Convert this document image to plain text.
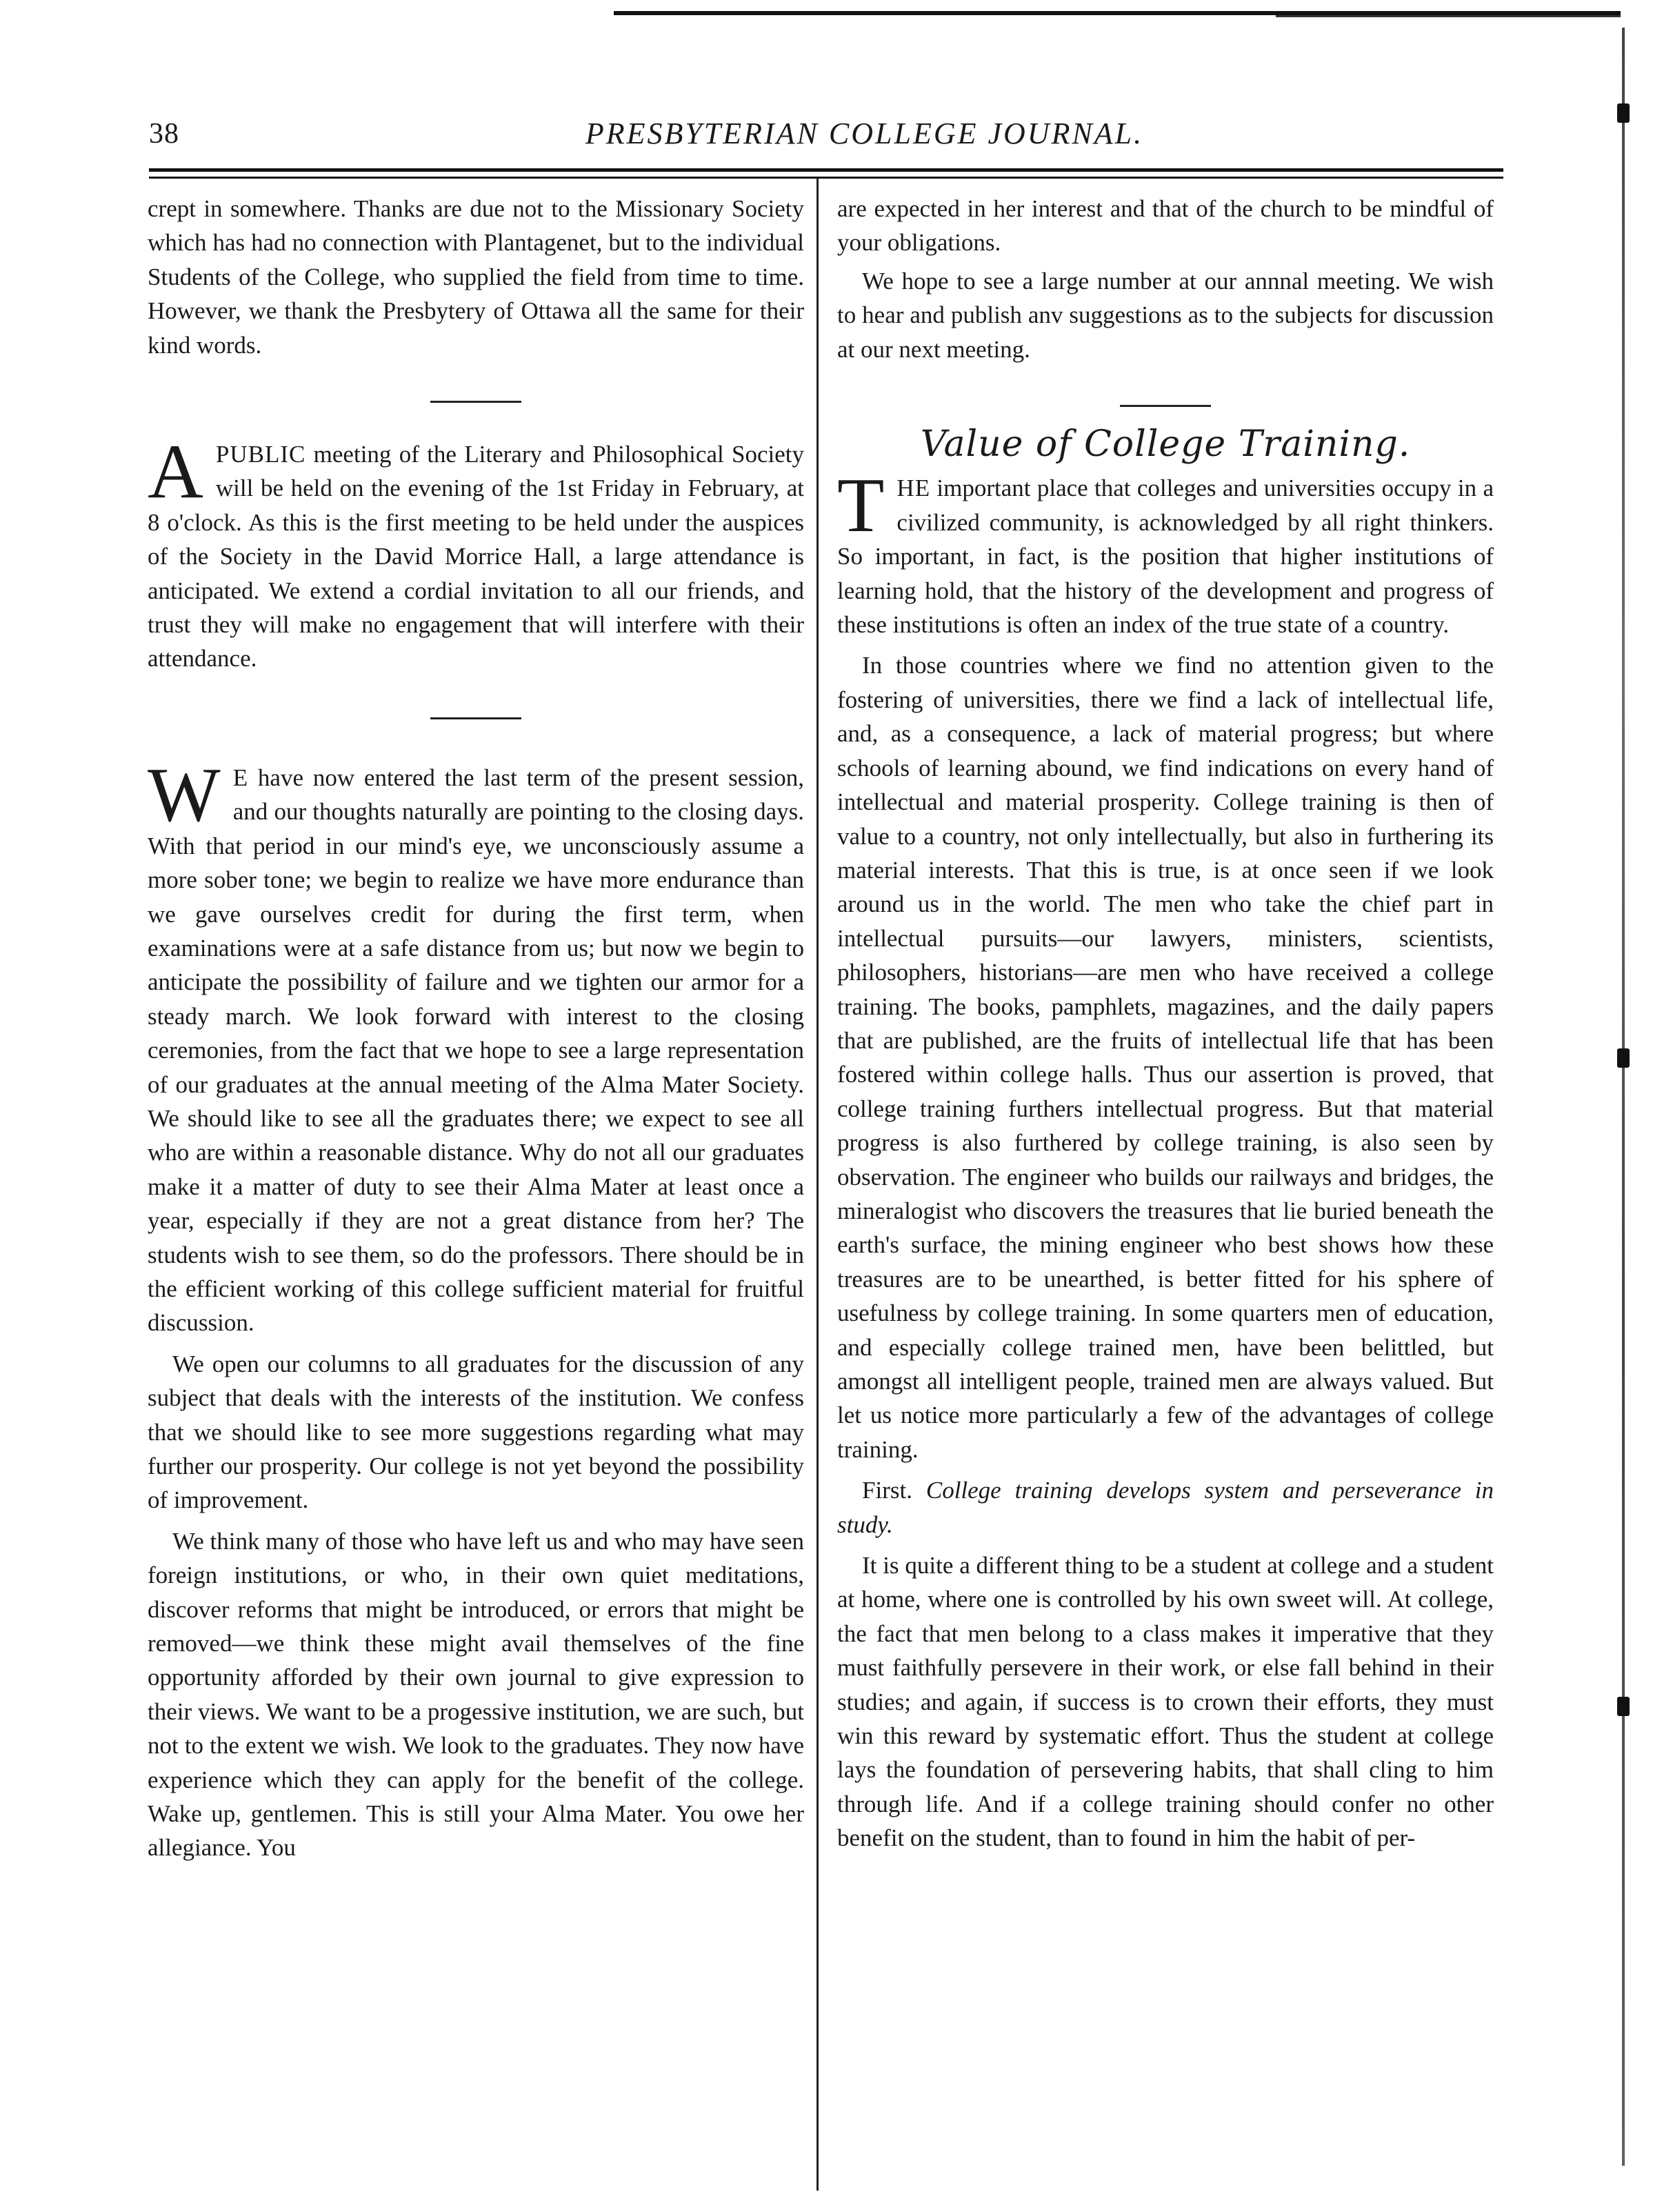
38	PRESBYTERIAN COLLEGE JOURNAL.

crept in somewhere. Thanks are due not to the Missionary Society which has had no connection with Plantagenet, but to the individual Students of the College, who supplied the field from time to time. However, we thank the Presbytery of Ottawa all the same for their kind words.

APUBLIC meeting of the Literary and Philosophical Society will be held on the evening of the 1st Friday in February, at 8 o'clock. As this is the first meeting to be held under the auspices of the Society in the David Morrice Hall, a large attendance is anticipated. We extend a cordial invitation to all our friends, and trust they will make no engagement that will interfere with their attendance.

W E have now entered the last term of the present session, and our thoughts naturally are pointing to the closing days. With that period in our mind's eye, we unconsciously assume a more sober tone; we begin to realize we have more endurance than we gave ourselves credit for during the first term, when examinations were at a safe distance from us; but now we begin to anticipate the possibility of failure and we tighten our armor for a steady march. We look forward with interest to the closing ceremonies, from the fact that we hope to see a large representation of our graduates at the annual meeting of the Alma Mater Society. We should like to see all the graduates there; we expect to see all who are within a reasonable distance. Why do not all our graduates make it a matter of duty to see their Alma Mater at least once a year, especially if they are not a great distance from her? The students wish to see them, so do the professors. There should be in the efficient working of this college sufficient material for fruitful discussion.

We open our columns to all graduates for the discussion of any subject that deals with the interests of the institution. We confess that we should like to see more suggestions regarding what may further our prosperity. Our college is not yet beyond the possibility of improvement.

We think many of those who have left us and who may have seen foreign institutions, or who, in their own quiet meditations, discover reforms that might be introduced, or errors that might be removed—we think these might avail themselves of the fine opportunity afforded by their own journal to give expression to their views. We want to be a progessive institution, we are such, but not to the extent we wish. We look to the graduates. They now have experience which they can apply for the benefit of the college. Wake up, gentlemen. This is still your Alma Mater. You owe her allegiance. You

are expected in her interest and that of the church to be mindful of your obligations.

We hope to see a large number at our annnal meeting. We wish to hear and publish anv suggestions as to the subjects for discussion at our next meeting.

Value of College Training.

THE important place that colleges and universities occupy in a civilized community, is acknowledged by all right thinkers. So important, in fact, is the position that higher institutions of learning hold, that the history of the development and progress of these institutions is often an index of the true state of a country.

In those countries where we find no attention given to the fostering of universities, there we find a lack of intellectual life, and, as a consequence, a lack of material progress; but where schools of learning abound, we find indications on every hand of intellectual and material prosperity. College training is then of value to a country, not only intellectually, but also in furthering its material interests. That this is true, is at once seen if we look around us in the world. The men who take the chief part in intellectual pursuits—our lawyers, ministers, scientists, philosophers, historians—are men who have received a college training. The books, pamphlets, magazines, and the daily papers that are published, are the fruits of intellectual life that has been fostered within college halls. Thus our assertion is proved, that college training furthers intellectual progress. But that material progress is also furthered by college training, is also seen by observation. The engineer who builds our railways and bridges, the mineralogist who discovers the treasures that lie buried beneath the earth's surface, the mining engineer who best shows how these treasures are to be unearthed, is better fitted for his sphere of usefulness by college training. In some quarters men of education, and especially college trained men, have been belittled, but amongst all intelligent people, trained men are always valued. But let us notice more particularly a few of the advantages of college training.

First. College training develops system and perseverance in study.

It is quite a different thing to be a student at college and a student at home, where one is controlled by his own sweet will. At college, the fact that men belong to a class makes it imperative that they must faithfully persevere in their work, or else fall behind in their studies; and again, if success is to crown their efforts, they must win this reward by systematic effort. Thus the student at college lays the foundation of persevering habits, that shall cling to him through life. And if a college training should confer no other benefit on the student, than to found in him the habit of per-
